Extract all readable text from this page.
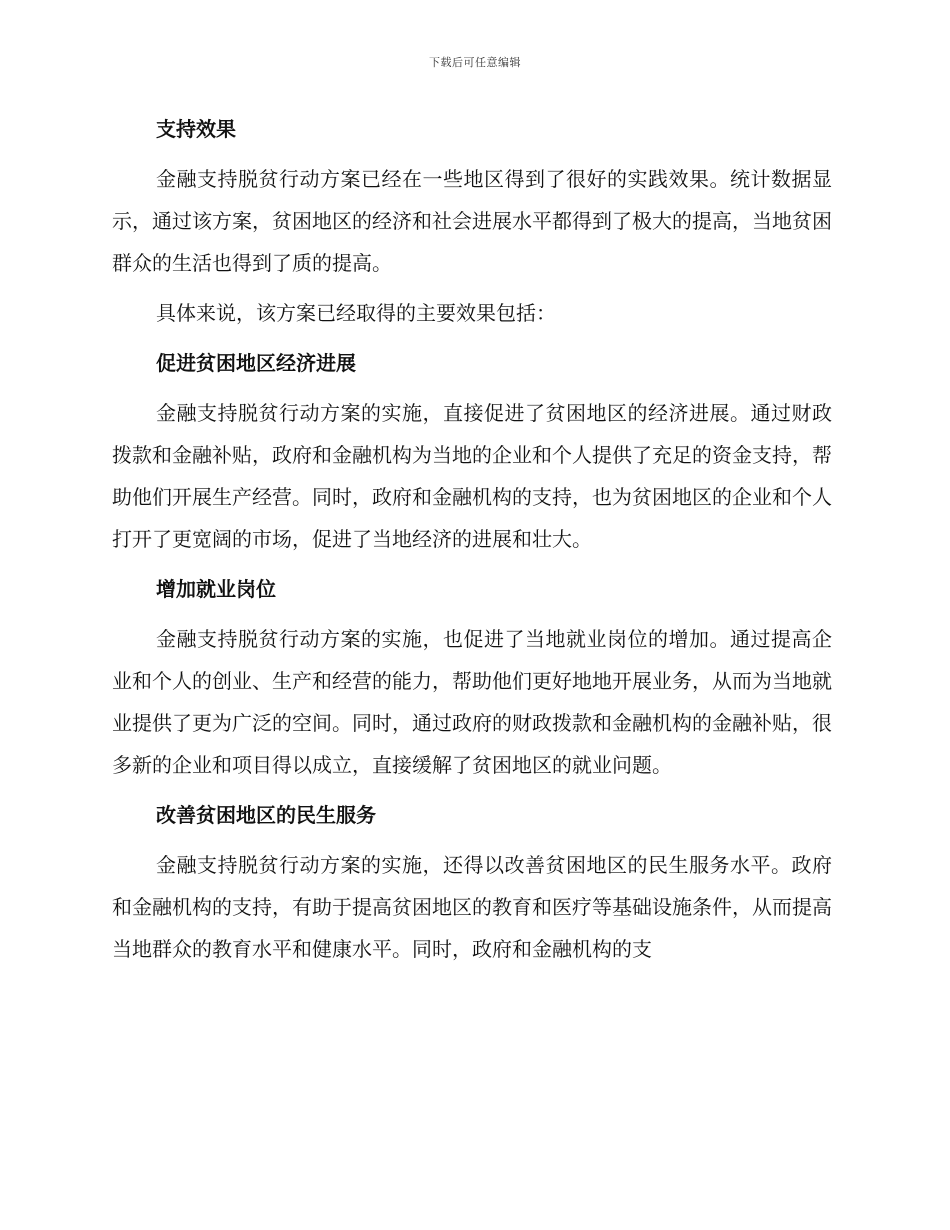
下载后可任意编辑
支持效果

金融支持脱贫行动方案已经在一些地区得到了很好的实践效果。统计数据显示，通过该方案，贫困地区的经济和社会进展水平都得到了极大的提高，当地贫困群众的生活也得到了质的提高。

具体来说，该方案已经取得的主要效果包括：

促进贫困地区经济进展

金融支持脱贫行动方案的实施，直接促进了贫困地区的经济进展。通过财政拨款和金融补贴，政府和金融机构为当地的企业和个人提供了充足的资金支持，帮助他们开展生产经营。同时，政府和金融机构的支持，也为贫困地区的企业和个人打开了更宽阔的市场，促进了当地经济的进展和壮大。

增加就业岗位

金融支持脱贫行动方案的实施，也促进了当地就业岗位的增加。通过提高企业和个人的创业、生产和经营的能力，帮助他们更好地地开展业务，从而为当地就业提供了更为广泛的空间。同时，通过政府的财政拨款和金融机构的金融补贴，很多新的企业和项目得以成立，直接缓解了贫困地区的就业问题。

改善贫困地区的民生服务

金融支持脱贫行动方案的实施，还得以改善贫困地区的民生服务水平。政府和金融机构的支持，有助于提高贫困地区的教育和医疗等基础设施条件，从而提高当地群众的教育水平和健康水平。同时，政府和金融机构的支
